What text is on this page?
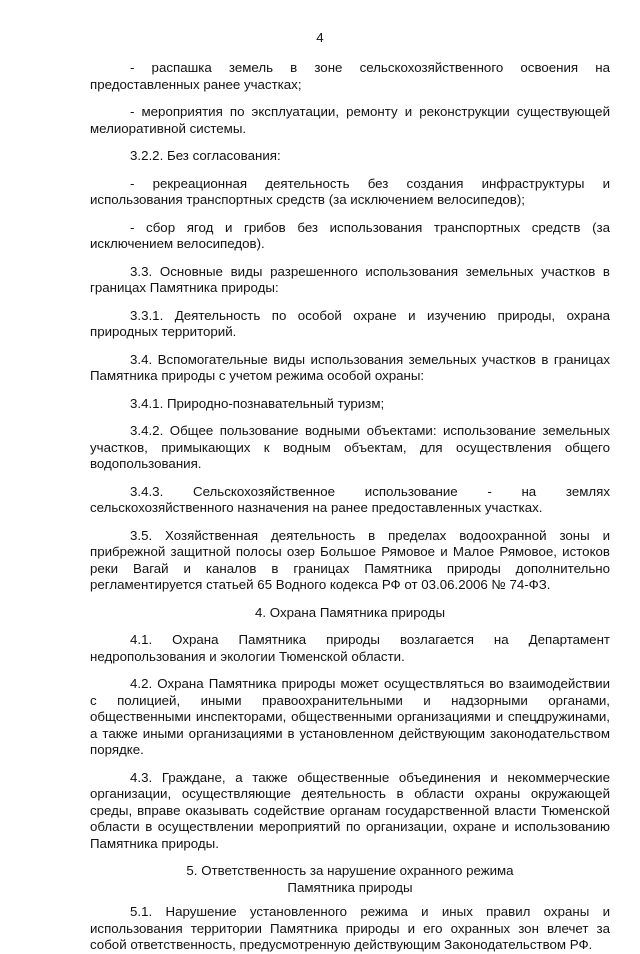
4

- распашка земель в зоне сельскохозяйственного освоения на предоставленных ранее участках;

- мероприятия по эксплуатации, ремонту и реконструкции существующей мелиоративной системы.

3.2.2. Без согласования:

- рекреационная деятельность без создания инфраструктуры и использования транспортных средств (за исключением велосипедов);

- сбор ягод и грибов без использования транспортных средств (за исключением велосипедов).

3.3. Основные виды разрешенного использования земельных участков в границах Памятника природы:

3.3.1. Деятельность по особой охране и изучению природы, охрана природных территорий.

3.4. Вспомогательные виды использования земельных участков в границах Памятника природы с учетом режима особой охраны:

3.4.1. Природно-познавательный туризм;

3.4.2. Общее пользование водными объектами: использование земельных участков, примыкающих к водным объектам, для осуществления общего водопользования.

3.4.3. Сельскохозяйственное использование - на землях сельскохозяйственного назначения на ранее предоставленных участках.

3.5. Хозяйственная деятельность в пределах водоохранной зоны и прибрежной защитной полосы озер Большое Рямовое и Малое Рямовое, истоков реки Вагай и каналов в границах Памятника природы дополнительно регламентируется статьей 65 Водного кодекса РФ от 03.06.2006 № 74-ФЗ.

4. Охрана Памятника природы

4.1. Охрана Памятника природы возлагается на Департамент недропользования и экологии Тюменской области.

4.2. Охрана Памятника природы может осуществляться во взаимодействии с полицией, иными правоохранительными и надзорными органами, общественными инспекторами, общественными организациями и спецдружинами, а также иными организациями в установленном действующим законодательством порядке.

4.3. Граждане, а также общественные объединения и некоммерческие организации, осуществляющие деятельность в области охраны окружающей среды, вправе оказывать содействие органам государственной власти Тюменской области в осуществлении мероприятий по организации, охране и использованию Памятника природы.

5. Ответственность за нарушение охранного режима
Памятника природы

5.1. Нарушение установленного режима и иных правил охраны и использования территории Памятника природы и его охранных зон влечет за собой ответственность, предусмотренную действующим Законодательством РФ.
